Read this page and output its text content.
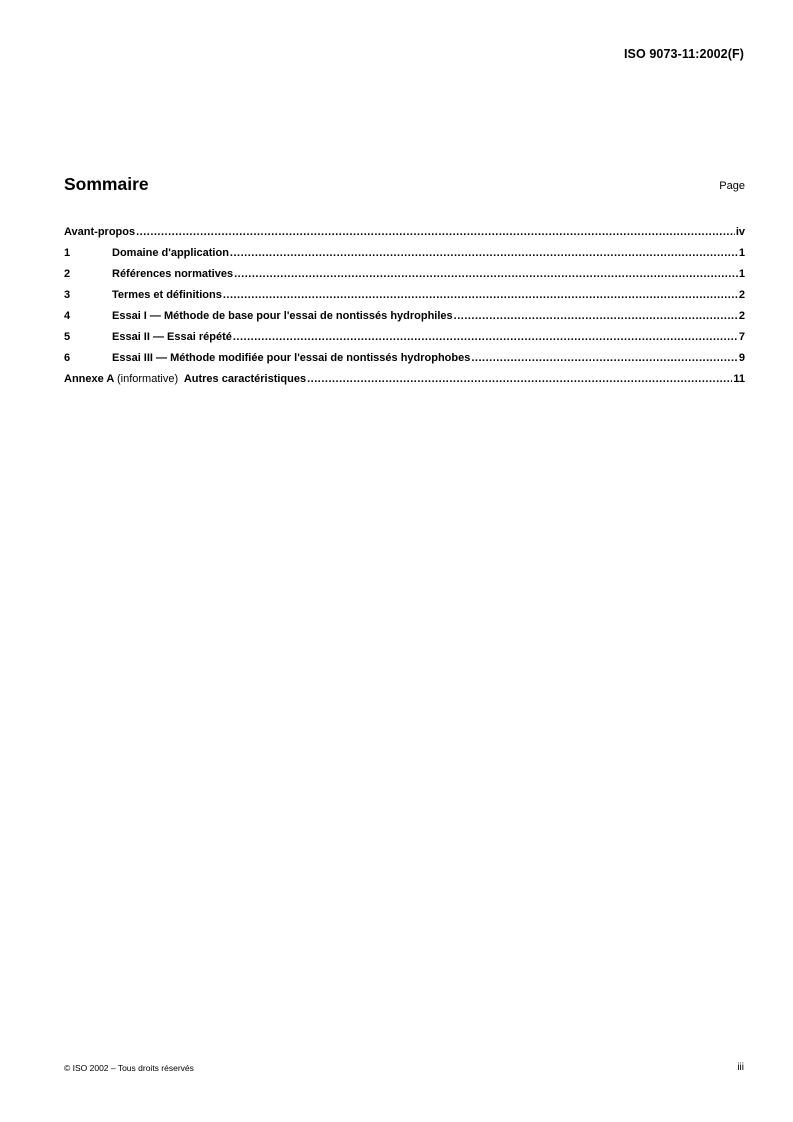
ISO 9073-11:2002(F)
Sommaire	Page
Avant-propos .....	iv
1	Domaine d'application .....	1
2	Références normatives .....	1
3	Termes et définitions .....	2
4	Essai I — Méthode de base pour l'essai de nontissés hydrophiles .....	2
5	Essai II — Essai répété .....	7
6	Essai III — Méthode modifiée pour l'essai de nontissés hydrophobes .....	9
Annexe A (informative) Autres caractéristiques .....	11
© ISO 2002 – Tous droits réservés	iii
